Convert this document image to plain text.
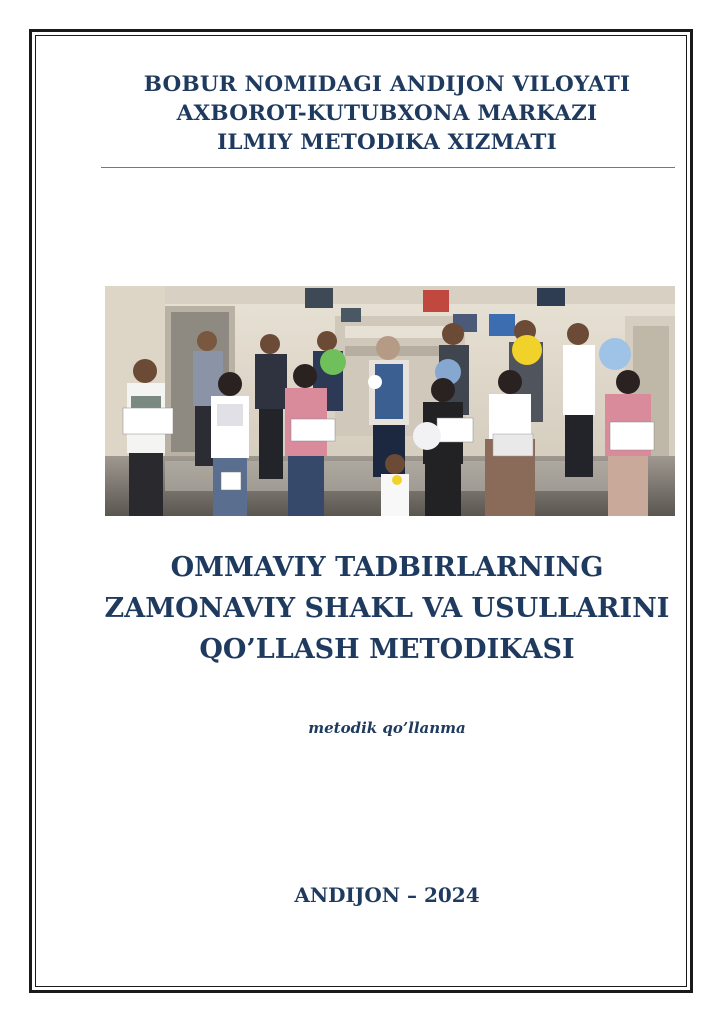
BOBUR NOMIDAGI ANDIJON VILOYATI
AXBOROT-KUTUBXONA MARKAZI
ILMIY METODIKA XIZMATI
OMMAVIY TADBIRLARNING
ZAMONAVIY SHAKL VA USULLARINI
QO’LLASH METODIKASI
metodik qo’llanma
ANDIJON – 2024
